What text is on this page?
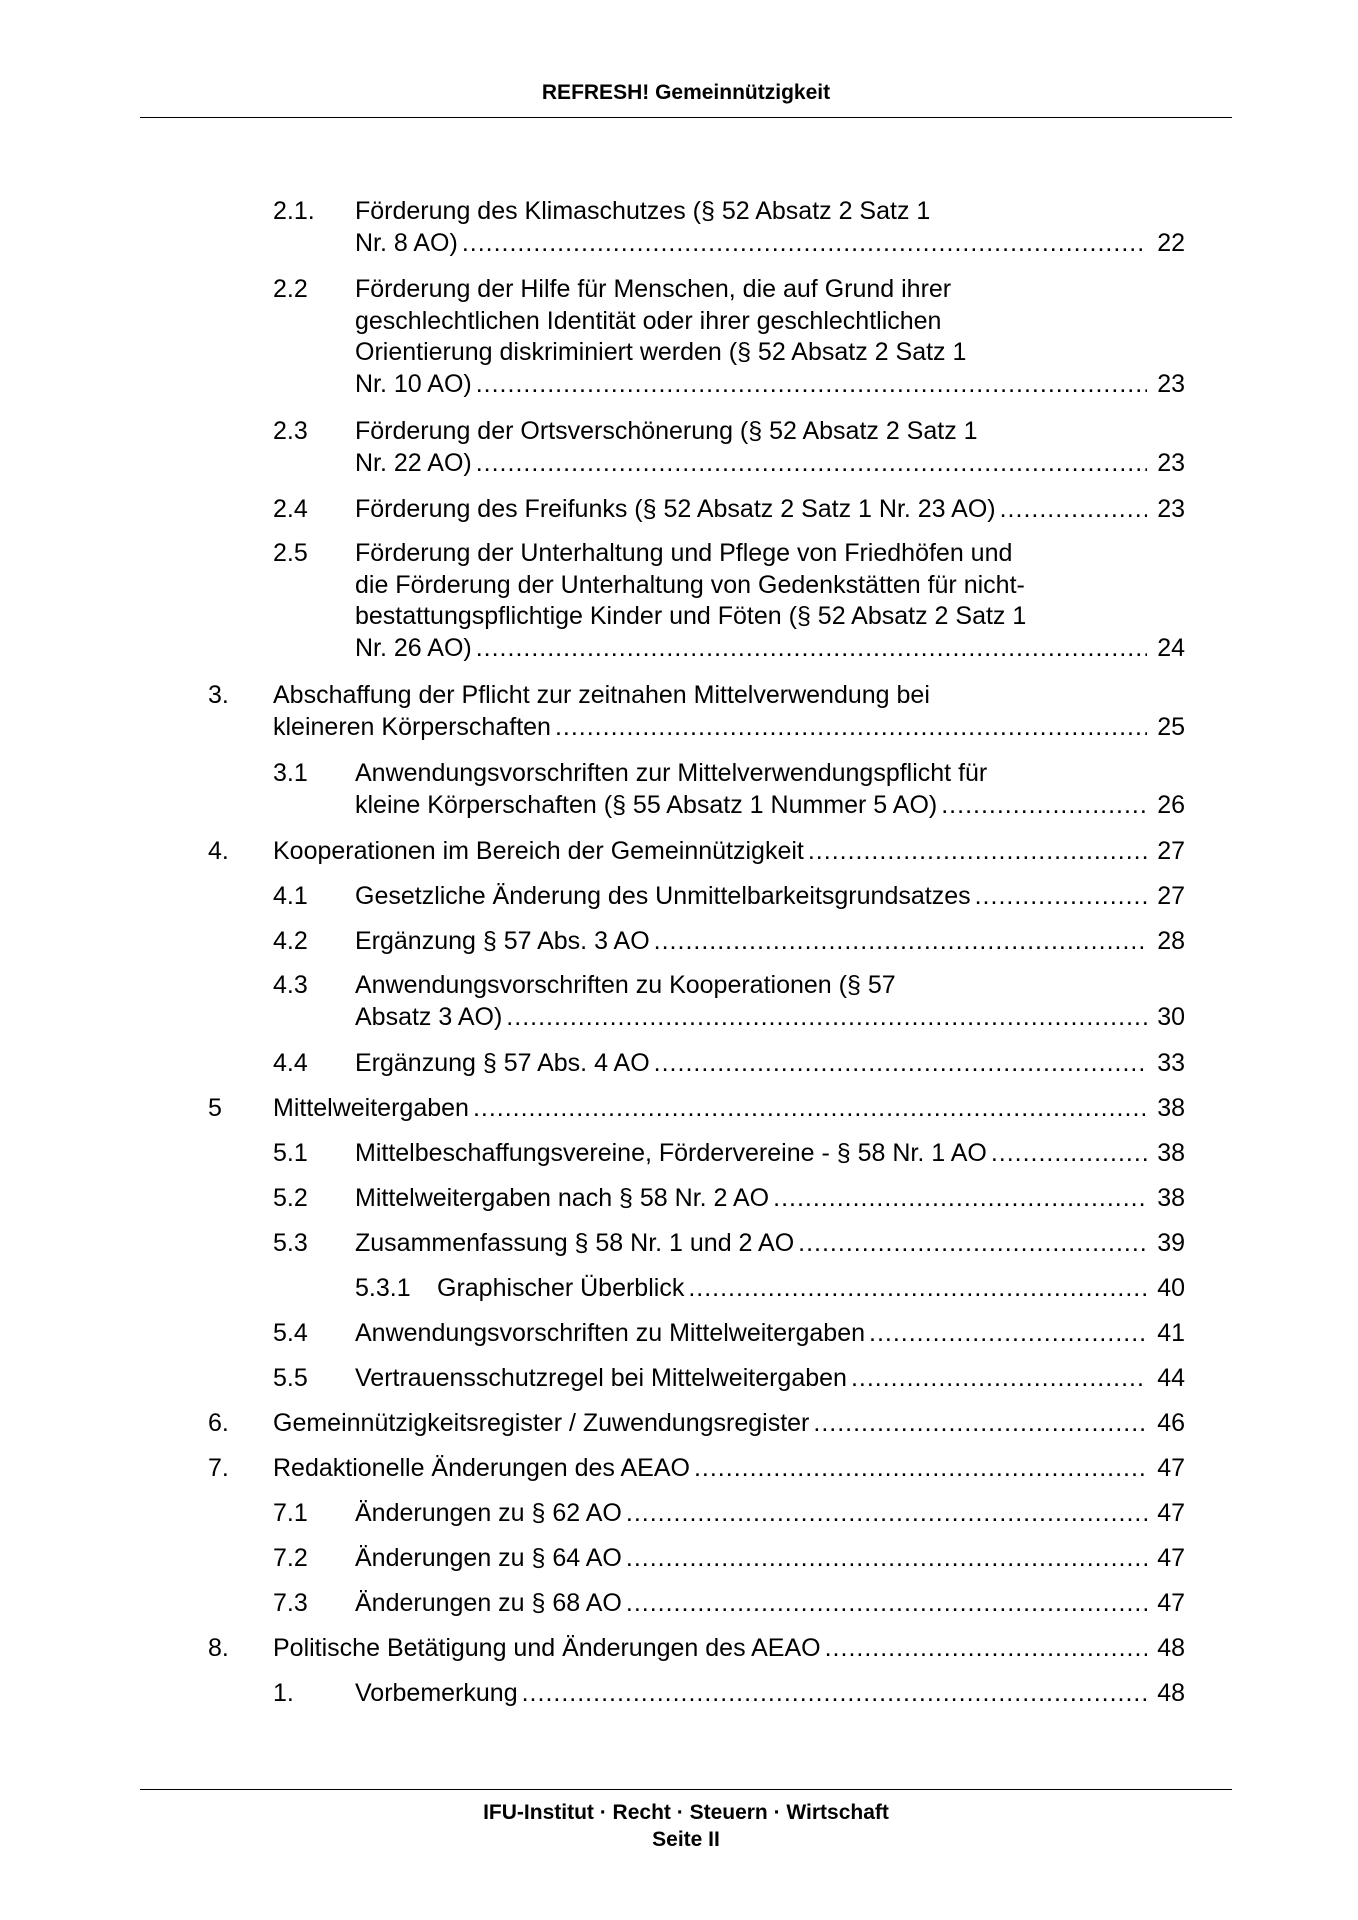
REFRESH! Gemeinnützigkeit
2.1. Förderung des Klimaschutzes (§ 52 Absatz 2 Satz 1
Nr. 8 AO) .....	22
2.2 Förderung der Hilfe für Menschen, die auf Grund ihrer
geschlechtlichen Identität oder ihrer geschlechtlichen
Orientierung diskriminiert werden (§ 52 Absatz 2 Satz 1
Nr. 10 AO) .....	23
2.3 Förderung der Ortsverschönerung (§ 52 Absatz 2 Satz 1
Nr. 22 AO) .....	23
2.4 Förderung des Freifunks (§ 52 Absatz 2 Satz 1 Nr. 23 AO) .....	23
2.5 Förderung der Unterhaltung und Pflege von Friedhöfen und
die Förderung der Unterhaltung von Gedenkstätten für nicht-
bestattungspflichtige Kinder und Föten (§ 52 Absatz 2 Satz 1
Nr. 26 AO) .....	24
3. Abschaffung der Pflicht zur zeitnahen Mittelverwendung bei
kleineren Körperschaften .....	25
3.1 Anwendungsvorschriften zur Mittelverwendungspflicht für
kleine Körperschaften (§ 55 Absatz 1 Nummer 5 AO) .....	26
4. Kooperationen im Bereich der Gemeinnützigkeit .....	27
4.1 Gesetzliche Änderung des Unmittelbarkeitsgrundsatzes .....	27
4.2 Ergänzung § 57 Abs. 3 AO .....	28
4.3 Anwendungsvorschriften zu Kooperationen (§ 57
Absatz 3 AO) .....	30
4.4 Ergänzung § 57 Abs. 4 AO .....	33
5 Mittelweitergaben .....	38
5.1 Mittelbeschaffungsvereine, Fördervereine - § 58 Nr. 1 AO .....	38
5.2 Mittelweitergaben nach § 58 Nr. 2 AO .....	38
5.3 Zusammenfassung § 58 Nr. 1 und 2 AO .....	39
5.3.1 Graphischer Überblick .....	40
5.4 Anwendungsvorschriften zu Mittelweitergaben .....	41
5.5 Vertrauensschutzregel bei Mittelweitergaben .....	44
6. Gemeinnützigkeitsregister / Zuwendungsregister .....	46
7. Redaktionelle Änderungen des AEAO .....	47
7.1 Änderungen zu § 62 AO .....	47
7.2 Änderungen zu § 64 AO .....	47
7.3 Änderungen zu § 68 AO .....	47
8. Politische Betätigung und Änderungen des AEAO .....	48
1. Vorbemerkung .....	48
IFU-Institut · Recht · Steuern · Wirtschaft
Seite II
